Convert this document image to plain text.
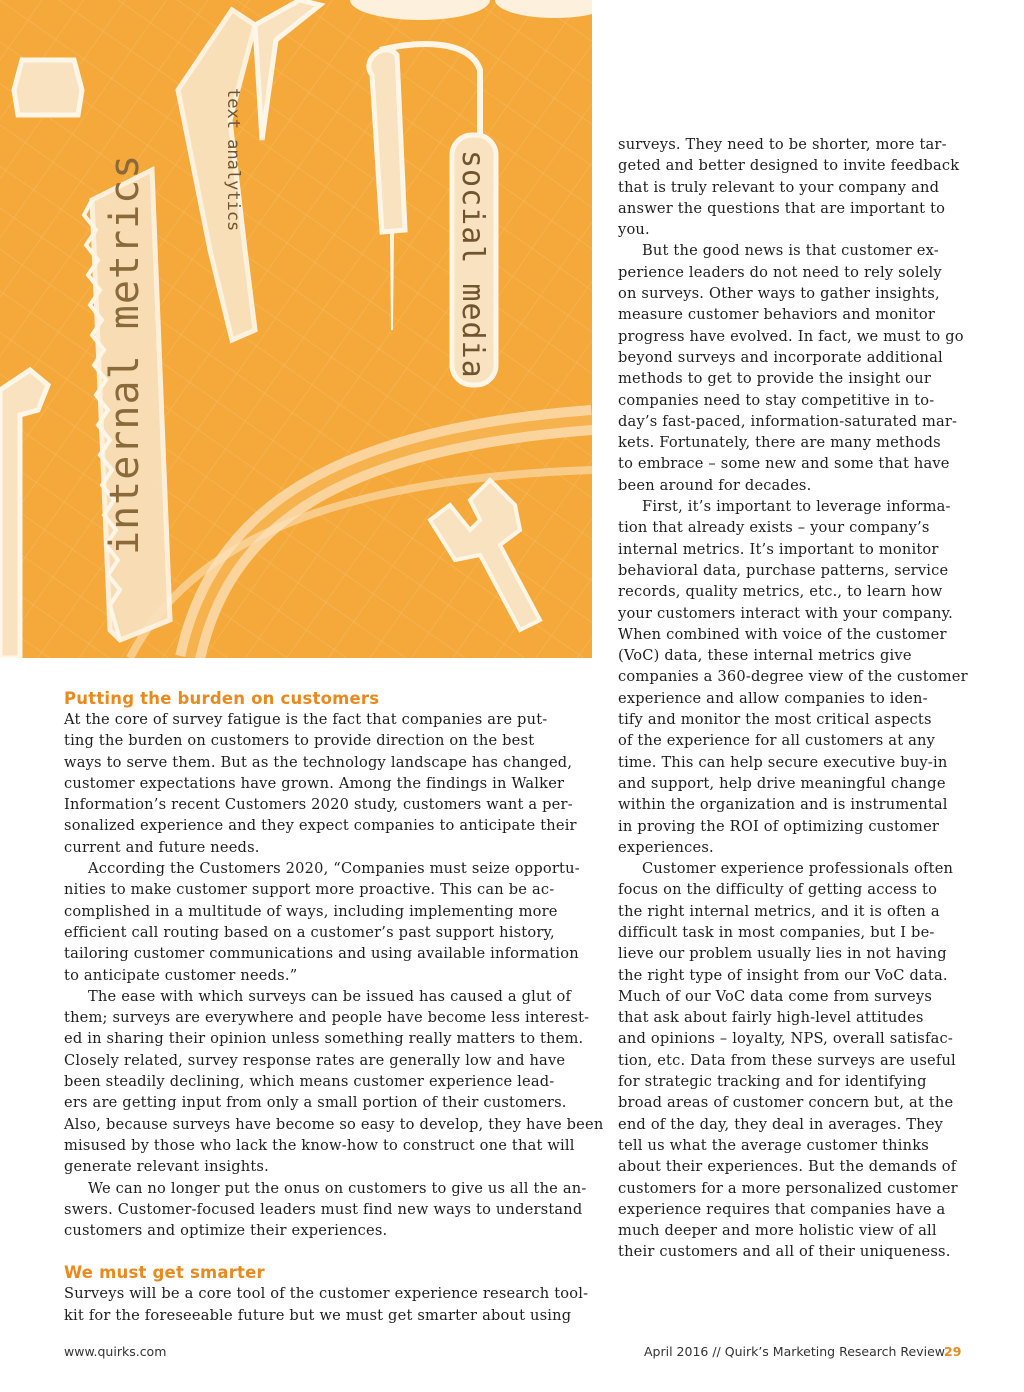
internal metrics	text analytics	social media
Putting the burden on customers

At the core of survey fatigue is the fact that companies are put-
ting the burden on customers to provide direction on the best
ways to serve them. But as the technology landscape has changed,
customer expectations have grown. Among the findings in Walker
Information’s recent Customers 2020 study, customers want a per-
sonalized experience and they expect companies to anticipate their
current and future needs.

According the Customers 2020, “Companies must seize opportu-
nities to make customer support more proactive. This can be ac-
complished in a multitude of ways, including implementing more
efficient call routing based on a customer’s past support history,
tailoring customer communications and using available information
to anticipate customer needs.”

The ease with which surveys can be issued has caused a glut of
them; surveys are everywhere and people have become less interest-
ed in sharing their opinion unless something really matters to them.
Closely related, survey response rates are generally low and have
been steadily declining, which means customer experience lead-
ers are getting input from only a small portion of their customers.
Also, because surveys have become so easy to develop, they have been
misused by those who lack the know-how to construct one that will
generate relevant insights.

We can no longer put the onus on customers to give us all the an-
swers. Customer-focused leaders must find new ways to understand
customers and optimize their experiences.

We must get smarter

Surveys will be a core tool of the customer experience research tool-
kit for the foreseeable future but we must get smarter about using

surveys. They need to be shorter, more tar-
geted and better designed to invite feedback
that is truly relevant to your company and
answer the questions that are important to
you.

But the good news is that customer ex-
perience leaders do not need to rely solely
on surveys. Other ways to gather insights,
measure customer behaviors and monitor
progress have evolved. In fact, we must to go
beyond surveys and incorporate additional
methods to get to provide the insight our
companies need to stay competitive in to-
day’s fast-paced, information-saturated mar-
kets. Fortunately, there are many methods
to embrace – some new and some that have
been around for decades.

First, it’s important to leverage informa-
tion that already exists – your company’s
internal metrics. It’s important to monitor
behavioral data, purchase patterns, service
records, quality metrics, etc., to learn how
your customers interact with your company.
When combined with voice of the customer
(VoC) data, these internal metrics give
companies a 360-degree view of the customer
experience and allow companies to iden-
tify and monitor the most critical aspects
of the experience for all customers at any
time. This can help secure executive buy-in
and support, help drive meaningful change
within the organization and is instrumental
in proving the ROI of optimizing customer
experiences.

Customer experience professionals often
focus on the difficulty of getting access to
the right internal metrics, and it is often a
difficult task in most companies, but I be-
lieve our problem usually lies in not having
the right type of insight from our VoC data.
Much of our VoC data come from surveys
that ask about fairly high-level attitudes
and opinions – loyalty, NPS, overall satisfac-
tion, etc. Data from these surveys are useful
for strategic tracking and for identifying
broad areas of customer concern but, at the
end of the day, they deal in averages. They
tell us what the average customer thinks
about their experiences. But the demands of
customers for a more personalized customer
experience requires that companies have a
much deeper and more holistic view of all
their customers and all of their uniqueness.

www.quirks.com	April 2016 // Quirk’s Marketing Research Review 29
